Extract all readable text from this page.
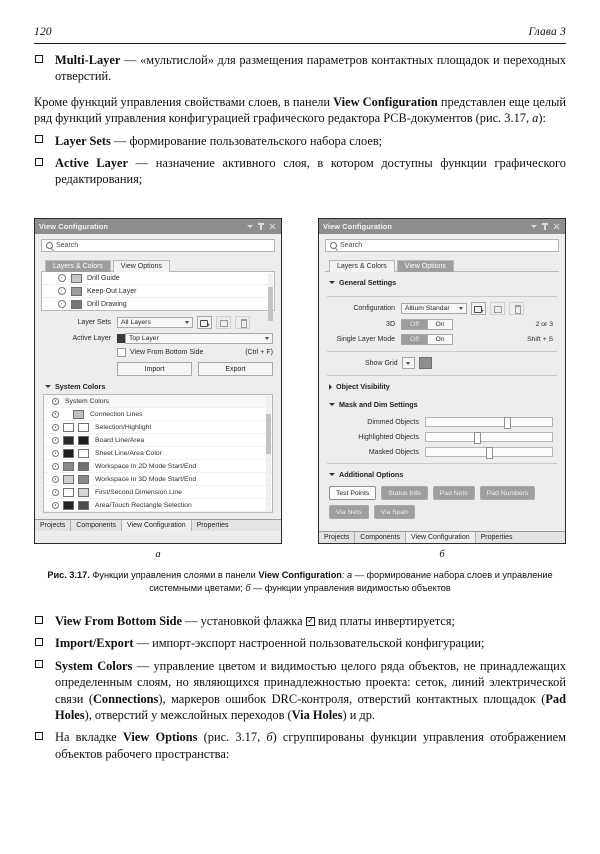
120	Глава 3
Multi-Layer — «мультислой» для размещения параметров контактных площадок и переходных отверстий.

Кроме функций управления свойствами слоев, в панели View Configuration представлен еще целый ряд функций управления конфигурацией графического редактора РСВ-документов (рис. 3.17, а):

Layer Sets — формирование пользовательского набора слоев;
Active Layer — назначение активного слоя, в котором доступны функции графического редактирования;
View Configuration
Search
Layers & Colors	View Options
Drill Guide
Keep-Out Layer
Drill Drawing
Layer Sets	All Layers
+
Active Layer	Top Layer
View From Bottom Side	(Ctrl + F)
Import	Export
System Colors
System Colors
Connection Lines
Selection/Highlight
Board Line/Area
Sheet Line/Area Color
Workspace In 2D Mode Start/End
Workspace In 3D Mode Start/End
First/Second Dimension Line
Area/Touch Rectangle Selection
Projects	Components	View Configuration	Properties
View Configuration
Search
Layers & Colors	View Options
General Settings
Configuration	Altium Standar
+
3D	Off	On	2 or 3
Single Layer Mode	Off	On	Shift + S
Show Grid
Object Visibility
Mask and Dim Settings
Dimmed Objects
Highlighted Objects
Masked Objects
Additional Options
Test Points	Status Info	Pad Nets	Pad Numbers
Via Nets	Via Span
Projects	Components	View Configuration	Properties
а	б
Рис. 3.17. Функции управления слоями в панели View Configuration: а — формирование набора слоев и управление системными цветами; б — функции управления видимостью объектов
View From Bottom Side — установкой флажка ✓ вид платы инвертируется;
Import/Export — импорт-экспорт настроенной пользовательской конфигурации;
System Colors — управление цветом и видимостью целого ряда объектов, не принадлежащих определенным слоям, но являющихся принадлежностью проекта: сеток, линий электрической связи (Connections), маркеров ошибок DRC-контроля, отверстий контактных площадок (Pad Holes), отверстий у межслойных переходов (Via Holes) и др.
На вкладке View Options (рис. 3.17, б) сгруппированы функции управления отображением объектов рабочего пространства:
